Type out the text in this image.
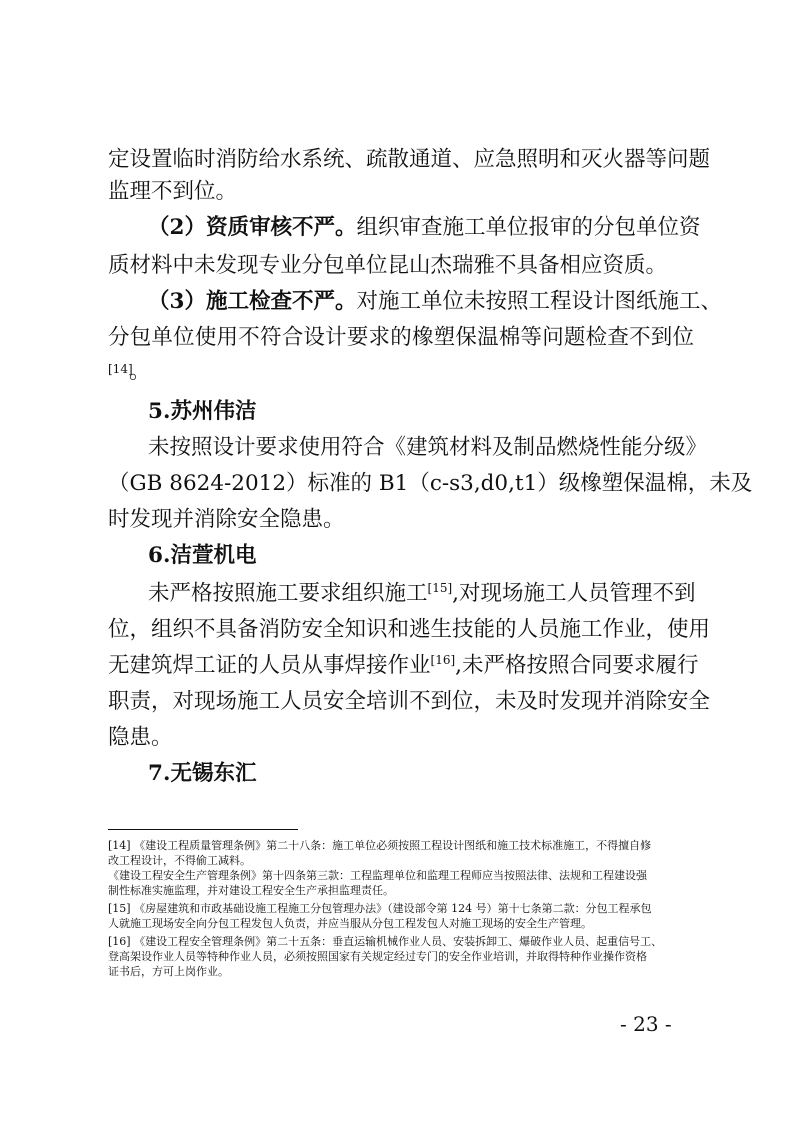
定设置临时消防给水系统、疏散通道、应急照明和灭火器等问题
监理不到位。
（2）资质审核不严。组织审查施工单位报审的分包单位资
质材料中未发现专业分包单位昆山杰瑞雅不具备相应资质。
（3）施工检查不严。对施工单位未按照工程设计图纸施工、
分包单位使用不符合设计要求的橡塑保温棉等问题检查不到位
[14]
。
5.苏州伟洁
未按照设计要求使用符合《建筑材料及制品燃烧性能分级》
（GB 8624-2012）标准的 B1（c-s3,d0,t1）级橡塑保温棉，未及
时发现并消除安全隐患。
6.洁萱机电
未严格按照施工要求组织施工[15],对现场施工人员管理不到
位，组织不具备消防安全知识和逃生技能的人员施工作业，使用
无建筑焊工证的人员从事焊接作业[16],未严格按照合同要求履行
职责，对现场施工人员安全培训不到位，未及时发现并消除安全
隐患。
7.无锡东汇
[14] 《建设工程质量管理条例》第二十八条：施工单位必须按照工程设计图纸和施工技术标准施工，不得擅自修
改工程设计，不得偷工减料。
《建设工程安全生产管理条例》第十四条第三款：工程监理单位和监理工程师应当按照法律、法规和工程建设强
制性标准实施监理，并对建设工程安全生产承担监理责任。
[15] 《房屋建筑和市政基础设施工程施工分包管理办法》（建设部令第 124 号）第十七条第二款：分包工程承包
人就施工现场安全向分包工程发包人负责，并应当服从分包工程发包人对施工现场的安全生产管理。
[16] 《建设工程安全管理条例》第二十五条：垂直运输机械作业人员、安装拆卸工、爆破作业人员、起重信号工、
登高架设作业人员等特种作业人员，必须按照国家有关规定经过专门的安全作业培训，并取得特种作业操作资格
证书后，方可上岗作业。
- 23 -
